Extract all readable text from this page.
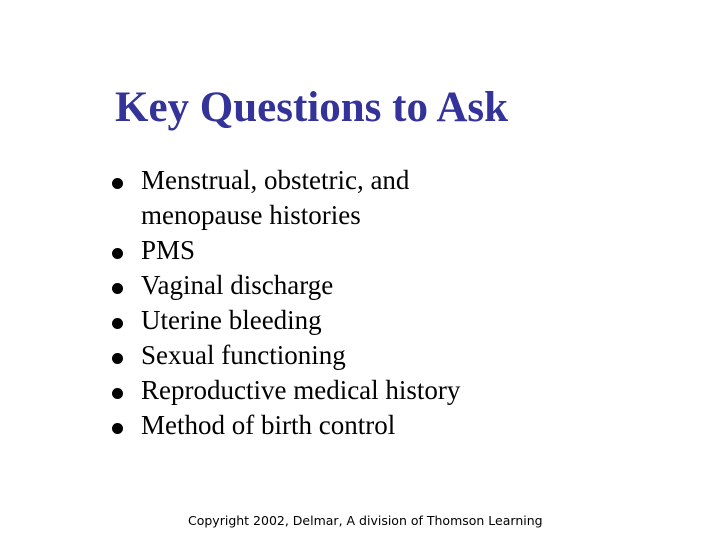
Key Questions to Ask
Menstrual, obstetric, and menopause histories
PMS
Vaginal discharge
Uterine bleeding
Sexual functioning
Reproductive medical history
Method of birth control
Copyright 2002, Delmar, A division of Thomson Learning
